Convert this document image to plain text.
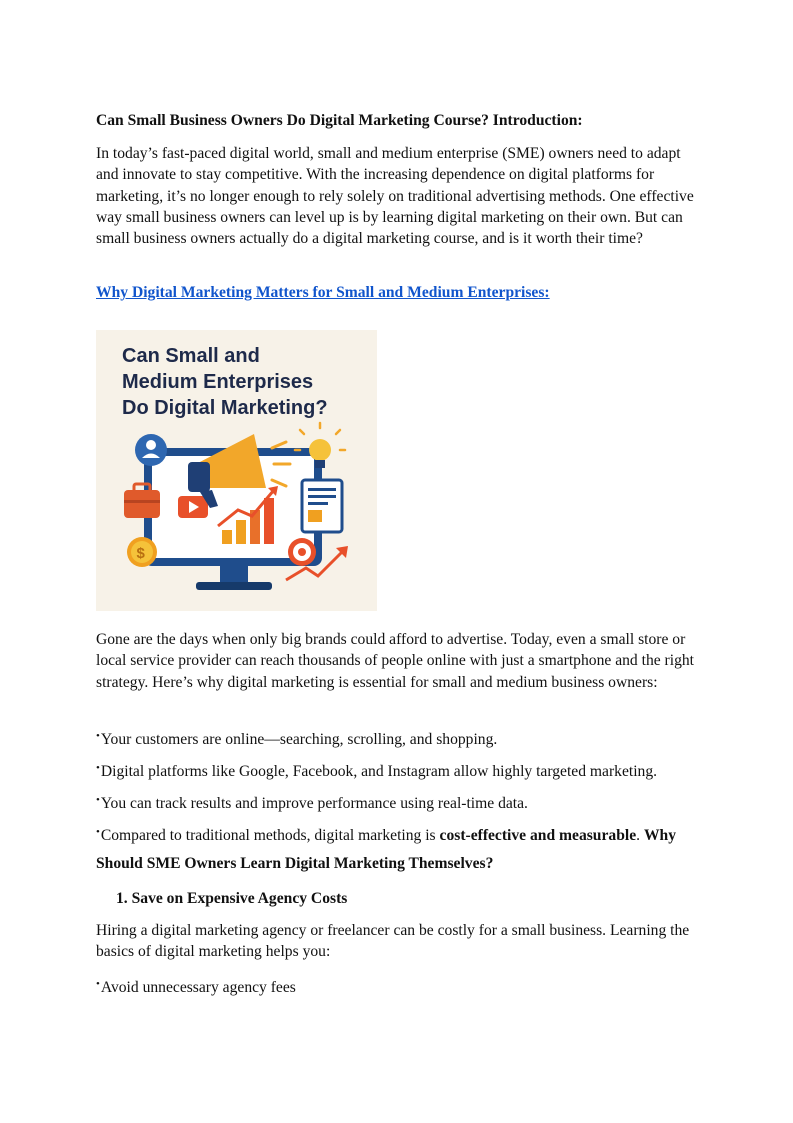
Can Small Business Owners Do Digital Marketing Course? Introduction:

In today’s fast-paced digital world, small and medium enterprise (SME) owners need to adapt and innovate to stay competitive. With the increasing dependence on digital platforms for marketing, it’s no longer enough to rely solely on traditional advertising methods. One effective way small business owners can level up is by learning digital marketing on their own. But can small business owners actually do a digital marketing course, and is it worth their time?

Why Digital Marketing Matters for Small and Medium Enterprises:

Can Small and
Medium Enterprises
Do Digital Marketing?
$

Gone are the days when only big brands could afford to advertise. Today, even a small store or local service provider can reach thousands of people online with just a smartphone and the right strategy. Here’s why digital marketing is essential for small and medium business owners:

•Your customers are online—searching, scrolling, and shopping.

•Digital platforms like Google, Facebook, and Instagram allow highly targeted marketing.

•You can track results and improve performance using real-time data.

•Compared to traditional methods, digital marketing is cost-effective and measurable. Why

Should SME Owners Learn Digital Marketing Themselves?

1. Save on Expensive Agency Costs

Hiring a digital marketing agency or freelancer can be costly for a small business. Learning the basics of digital marketing helps you:

•Avoid unnecessary agency fees
